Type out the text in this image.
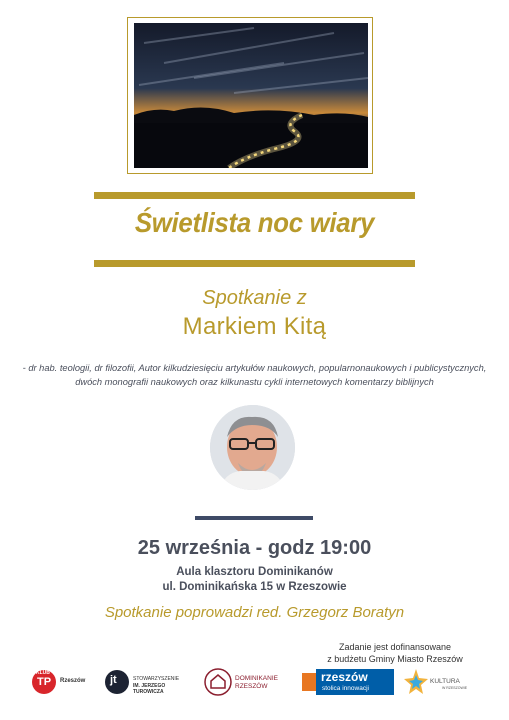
Świetlista noc wiary
Spotkanie z
Markiem Kitą
- dr hab. teologii, dr filozofii, Autor kilkudziesięciu artykułów naukowych, popularnonaukowych i publicystycznych,
dwóch monografii naukowych oraz kilkunastu cykli internetowych komentarzy biblijnych
25 września - godz 19:00
Aula klasztoru Dominikanów
ul. Dominikańska 15 w Rzeszowie
Spotkanie poprowadzi red. Grzegorz Boratyn
Zadanie jest dofinansowane
z budżetu Gminy Miasto Rzeszów
KLUB
TP Rzeszów jt	STOWARZYSZENIE
IM. JERZEGO TUROWICZA
DOMINIKANIE
RZESZÓW
rzeszów
stolica innowacji
KULTURA
W RZESZOWIE
